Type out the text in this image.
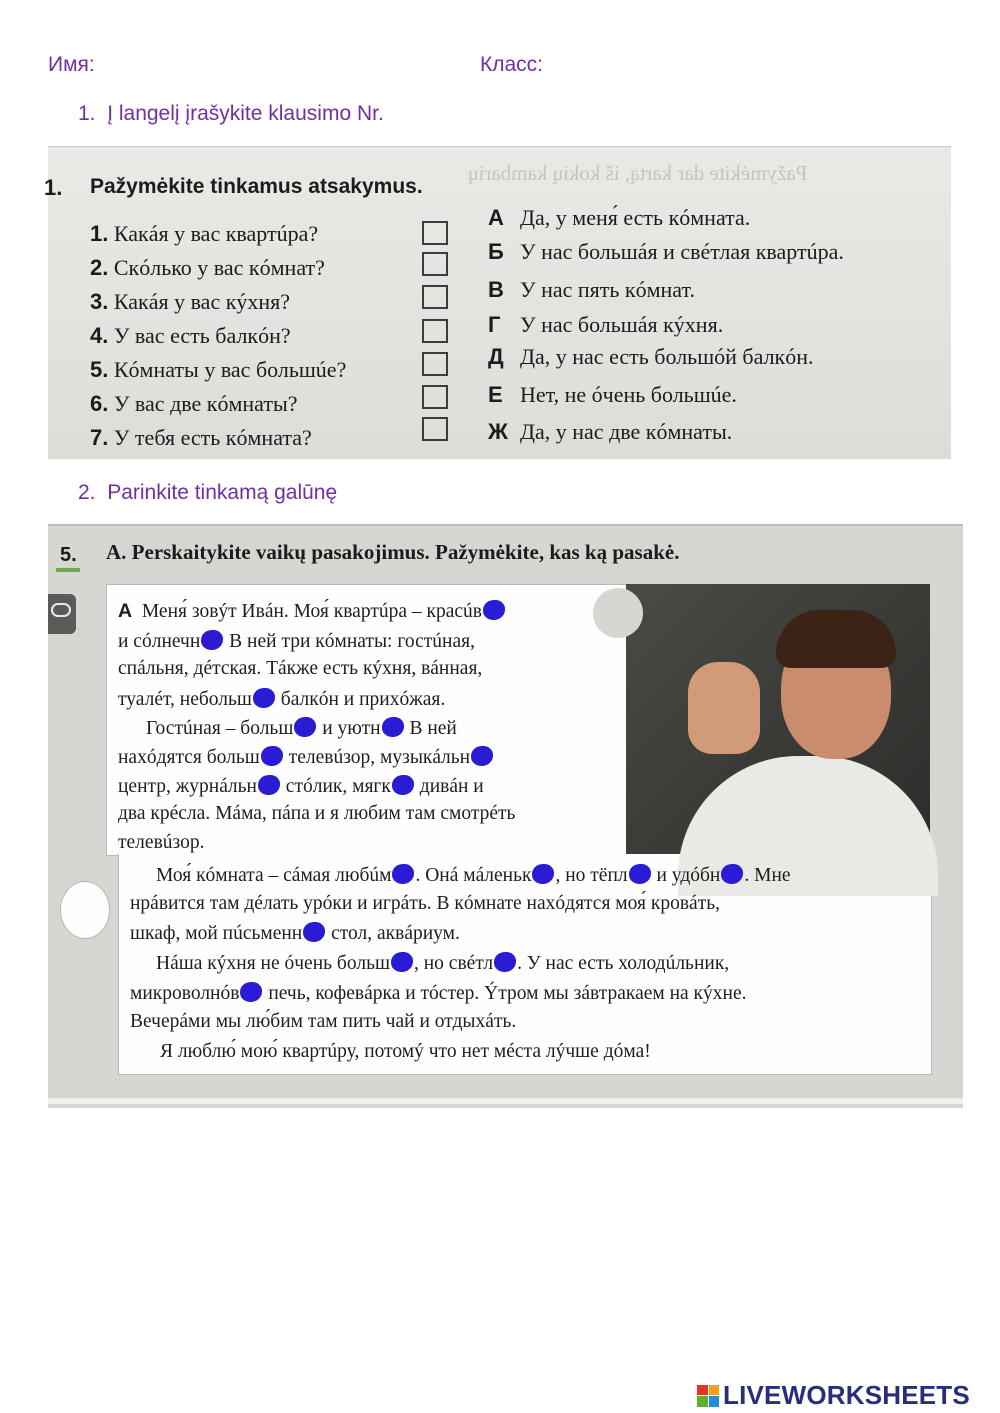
Имя:	Класс:
1. Į langelį įrašykite klausimo Nr.
Pažymėkite dar kartą, iš kokių kambarių
1. Pažymėkite tinkamus atsakymus.
1. Какáя у вас квартúра?
2. Скóлько у вас кóмнат?
3. Какáя у вас кýхня?
4. У вас есть балкóн?
5. Кóмнаты у вас большúе?
6. У вас две кóмнаты?
7. У тебя есть кóмната?
А Да, у меня́ есть кóмната.
Б У нас большáя и свéтлая квартúра.
В У нас пять кóмнат.
Г У нас большáя кýхня.
Д Да, у нас есть большóй балкóн.
Е Нет, не óчень большúе.
Ж Да, у нас две кóмнаты.
2. Parinkite tinkamą galūnę
5. A. Perskaitykite vaikų pasakojimus. Pažymėkite, kas ką pasakė.
А Меня́ зовýт Ивáн. Моя́ квартúра – красúв
и сóлнечн В ней три кóмнаты: гостúная,
спáльня, дéтская. Тáкже есть кýхня, вáнная,
туалéт, небольш балкóн и прихóжая.
Гостúная – больш и уютн В ней
нахóдятся больш телевúзор, музыкáльн
центр, журнáльн стóлик, мягк дивáн и
два крéсла. Мáма, пáпа и я любим там смотрéть
телевúзор.
Моя́ кóмната – сáмая любúм . Онá мáленьк , но тёпл и удóбн . Мне
нрáвится там дéлать урóки и игрáть. В кóмнате нахóдятся моя́ кровáть,
шкаф, мой пúсьменн стол, аквáриум.
Нáша кýхня не óчень больш , но свéтл . У нас есть холодúльник,
микроволнóв печь, кофевáрка и тóстер. Ýтром мы зáвтракаем на кýхне.
Вечерáми мы лю́бим там пить чай и отдыхáть.
Я люблю́ мою́ квартúру, потомý что нет мéста лýчше дóма!
LIVEWORKSHEETS
